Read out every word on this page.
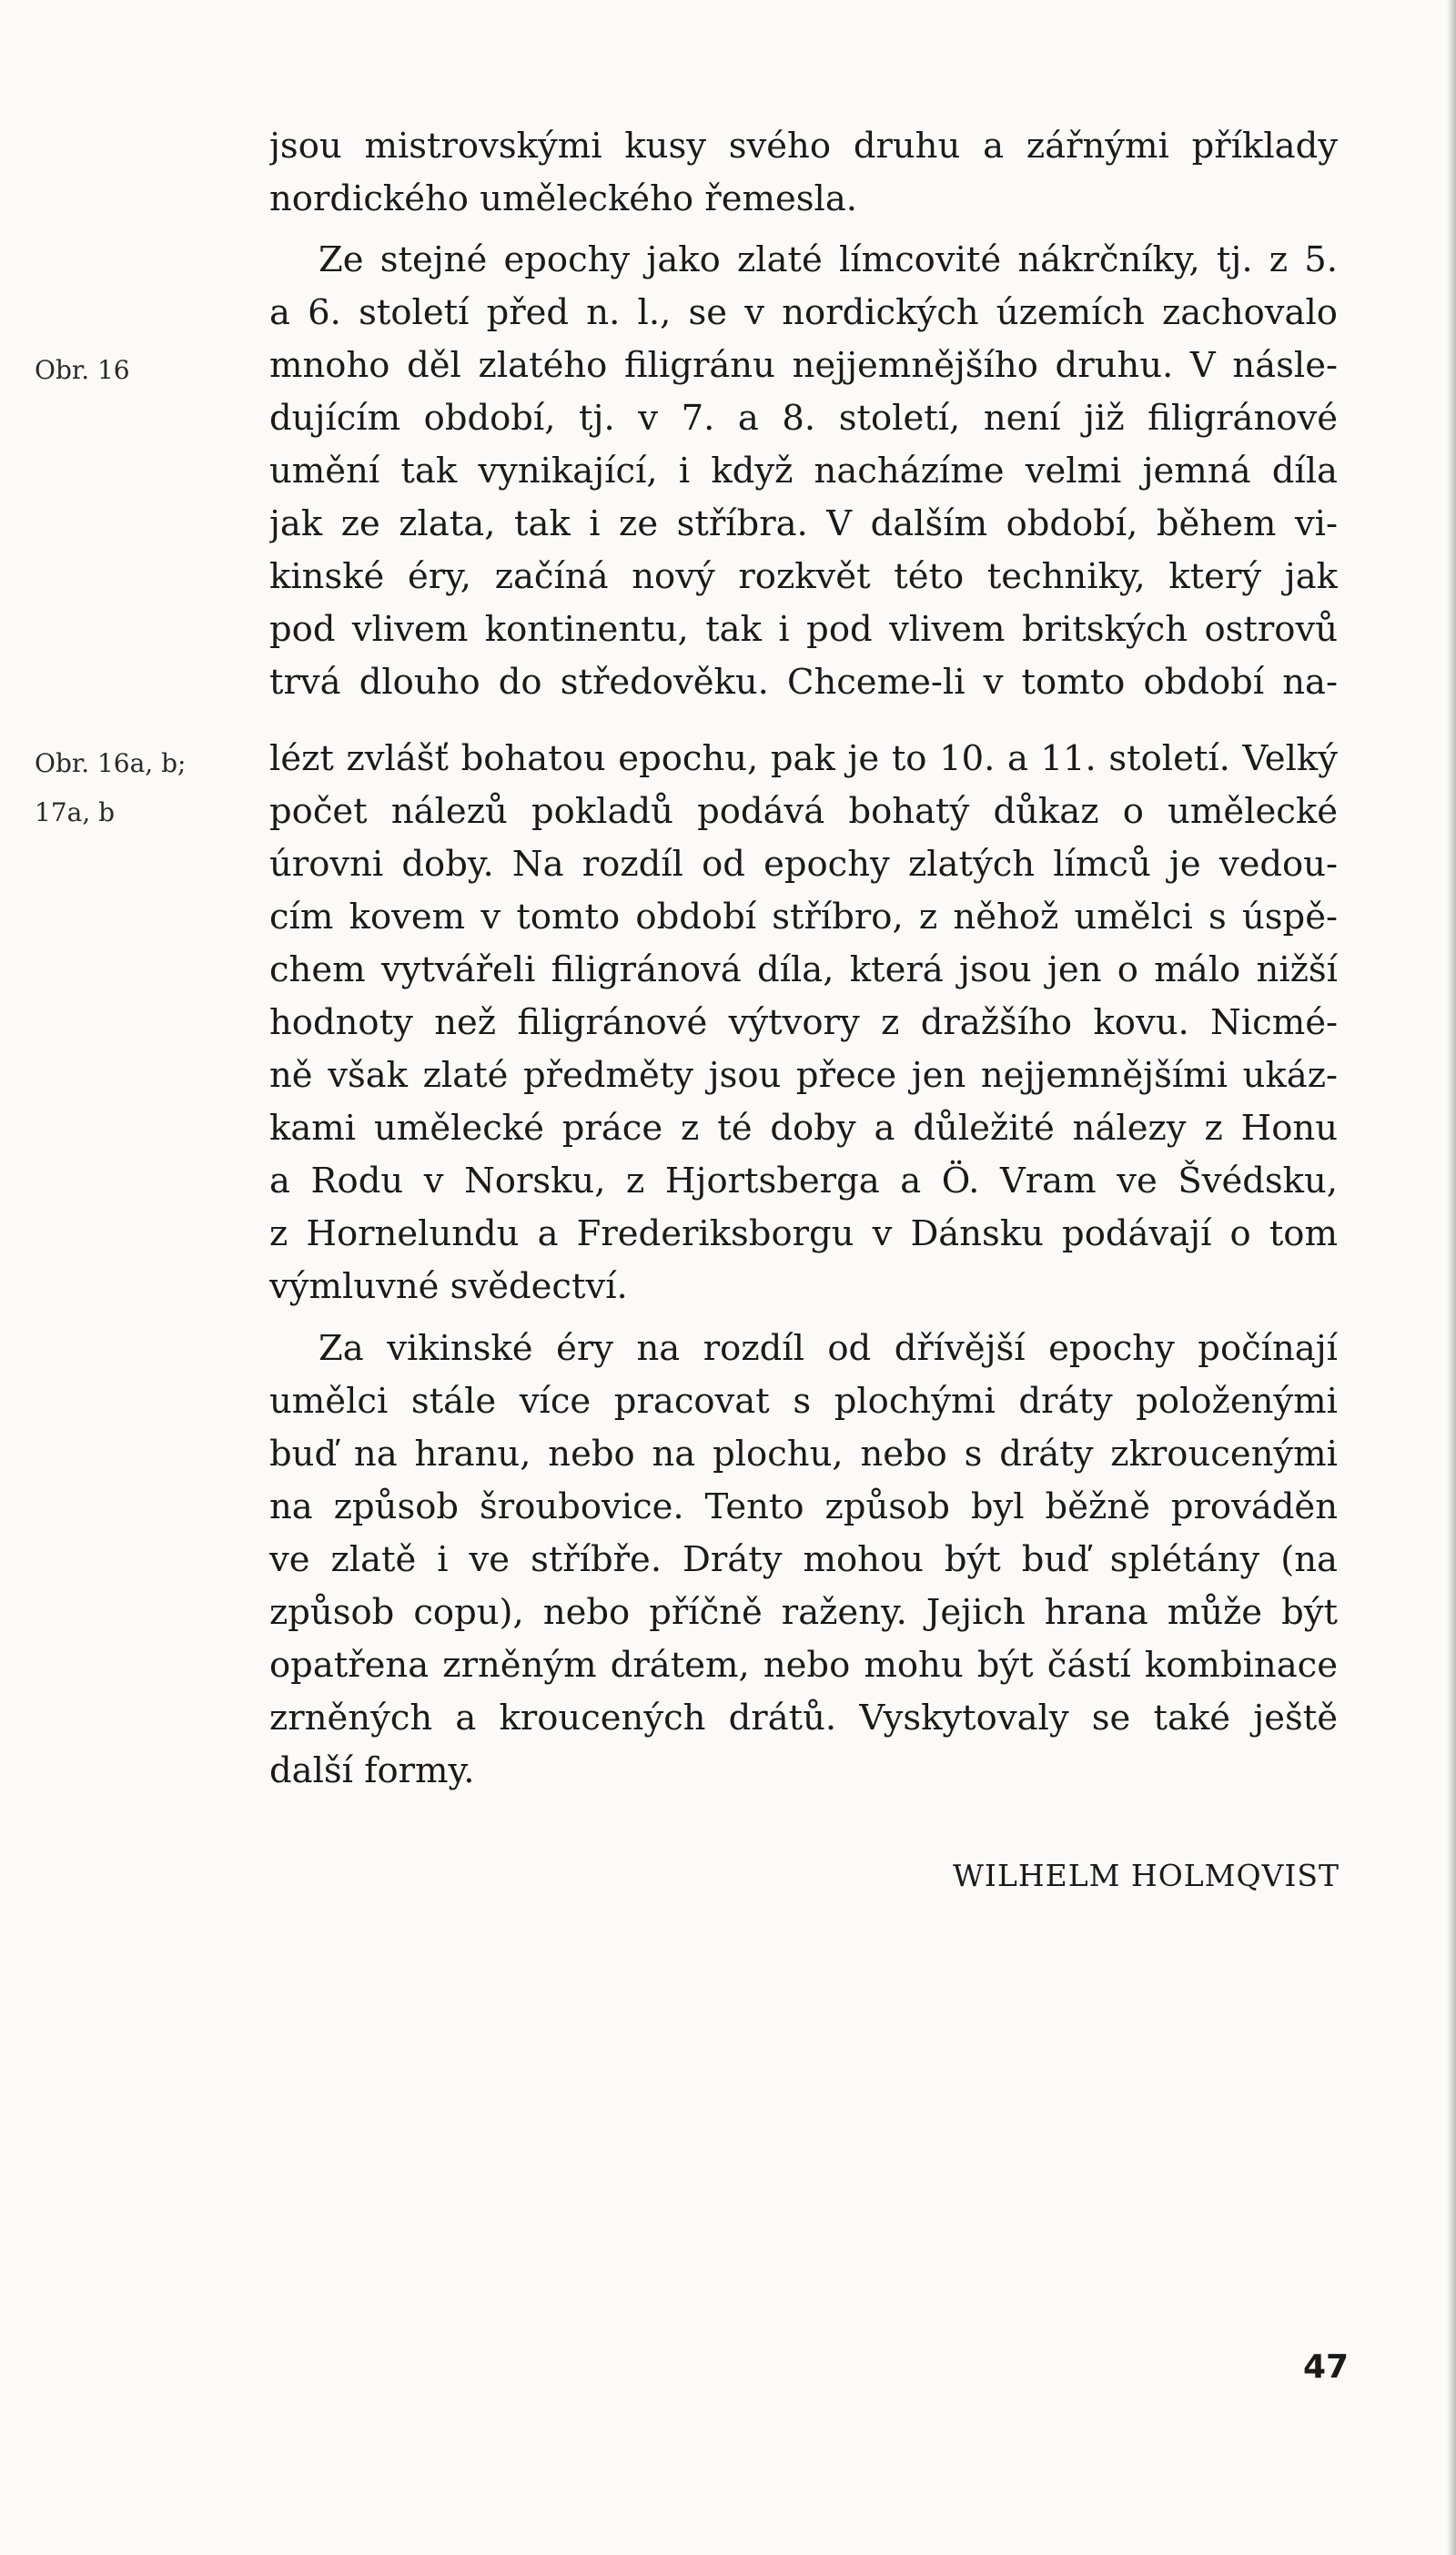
Obr. 16
Obr. 16a, b;
17a, b
jsou mistrovskými kusy svého druhu a zářnými příklady
nordického uměleckého řemesla.
Ze stejné epochy jako zlaté límcovité nákrčníky, tj. z 5.
a 6. století před n. l., se v nordických územích zachovalo
mnoho děl zlatého filigránu nejjemnějšího druhu. V násle-
dujícím období, tj. v 7. a 8. století, není již filigránové
umění tak vynikající, i když nacházíme velmi jemná díla
jak ze zlata, tak i ze stříbra. V dalším období, během vi-
kinské éry, začíná nový rozkvět této techniky, který jak
pod vlivem kontinentu, tak i pod vlivem britských ostrovů
trvá dlouho do středověku. Chceme-li v tomto období na-
lézt zvlášť bohatou epochu, pak je to 10. a 11. století. Velký
počet nálezů pokladů podává bohatý důkaz o umělecké
úrovni doby. Na rozdíl od epochy zlatých límců je vedou-
cím kovem v tomto období stříbro, z něhož umělci s úspě-
chem vytvářeli filigránová díla, která jsou jen o málo nižší
hodnoty než filigránové výtvory z dražšího kovu. Nicmé-
ně však zlaté předměty jsou přece jen nejjemnějšími ukáz-
kami umělecké práce z té doby a důležité nálezy z Honu
a Rodu v Norsku, z Hjortsberga a Ö. Vram ve Švédsku,
z Hornelundu a Frederiksborgu v Dánsku podávají o tom
výmluvné svědectví.
Za vikinské éry na rozdíl od dřívější epochy počínají
umělci stále více pracovat s plochými dráty položenými
buď na hranu, nebo na plochu, nebo s dráty zkroucenými
na způsob šroubovice. Tento způsob byl běžně prováděn
ve zlatě i ve stříbře. Dráty mohou být buď splétány (na
způsob copu), nebo příčně raženy. Jejich hrana může být
opatřena zrněným drátem, nebo mohu být částí kombinace
zrněných a kroucených drátů. Vyskytovaly se také ještě
další formy.
WILHELM HOLMQVIST
47
